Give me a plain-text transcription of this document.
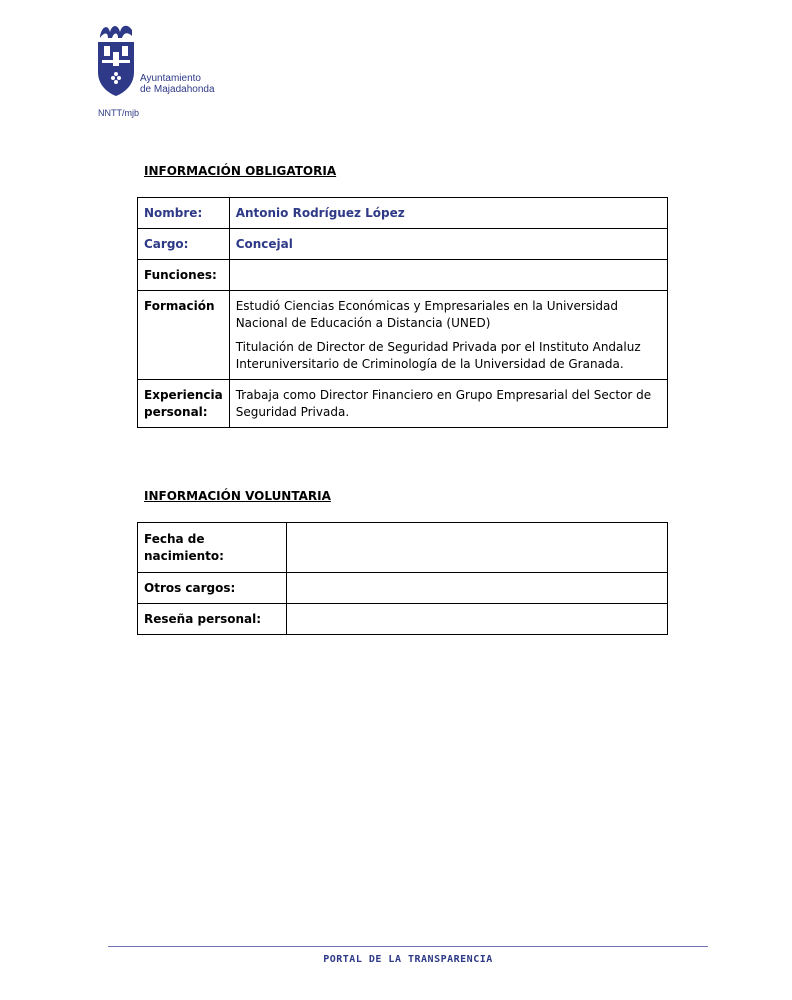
Ayuntamiento
de Majadahonda
NNTT/mjb
INFORMACIÓN OBLIGATORIA
Nombre:	Antonio Rodríguez López
Cargo:	Concejal
Funciones:	
Formación	Estudió Ciencias Económicas y Empresariales en la Universidad Nacional de Educación a Distancia (UNED)

Titulación de Director de Seguridad Privada por el Instituto Andaluz Interuniversitario de Criminología de la Universidad de Granada.

Experiencia
personal:	Trabaja como Director Financiero en Grupo Empresarial del Sector de Seguridad Privada.
INFORMACIÓN VOLUNTARIA
Fecha de nacimiento:	
Otros cargos:	
Reseña personal:	
PORTAL DE LA TRANSPARENCIA
